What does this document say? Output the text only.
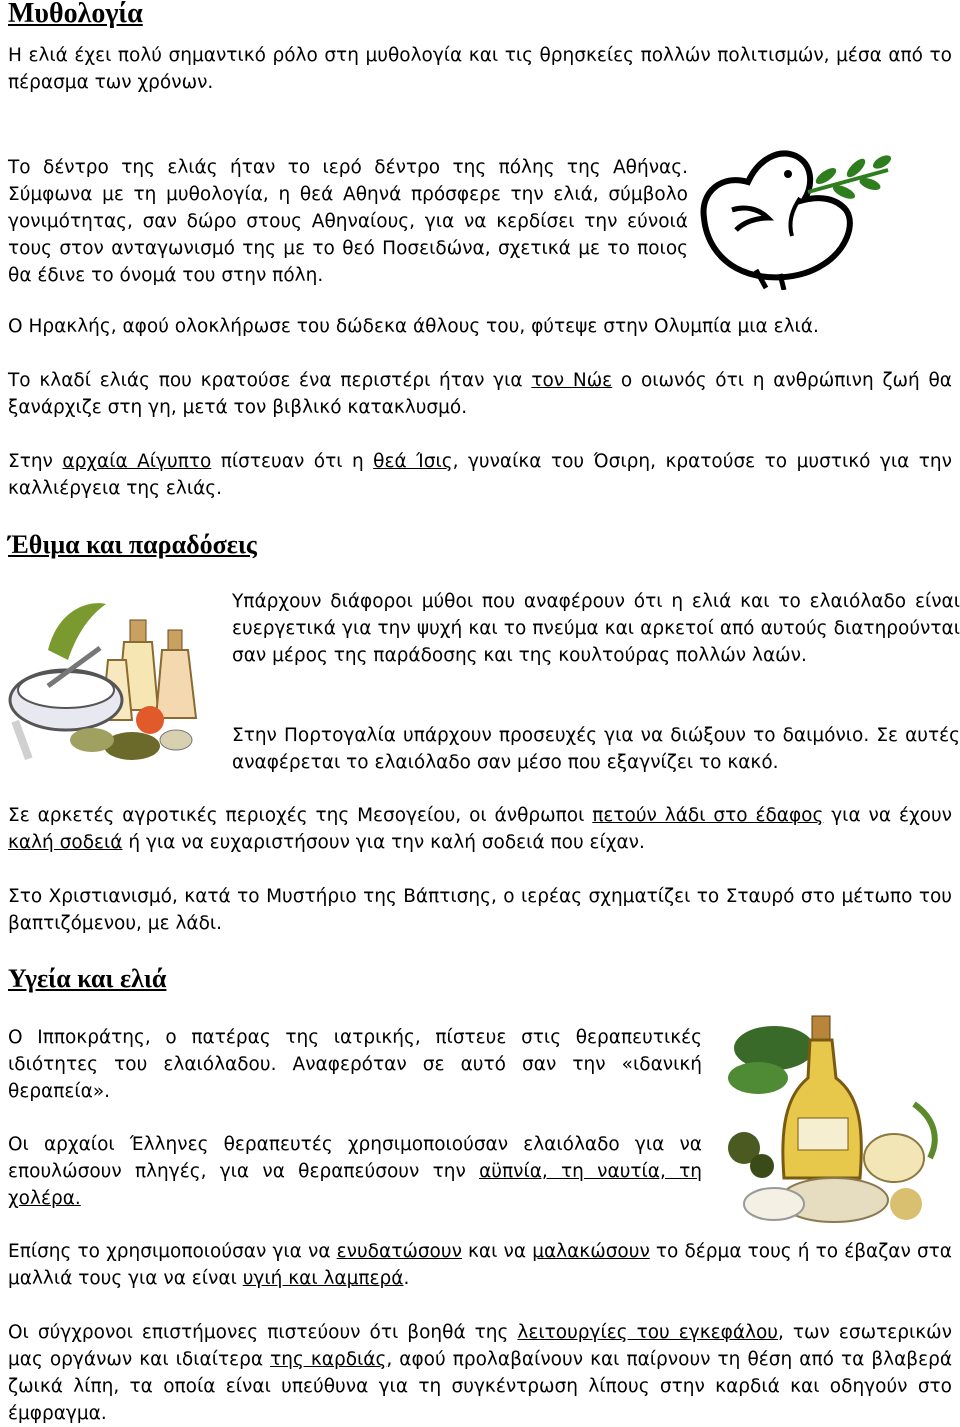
Μυθολογία

Η ελιά έχει πολύ σημαντικό ρόλο στη μυθολογία και τις θρησκείες πολλών πολιτισμών, μέσα από το πέρασμα των χρόνων.

Το δέντρο της ελιάς ήταν το ιερό δέντρο της πόλης της Αθήνας. Σύμφωνα με τη μυθολογία, η θεά Αθηνά πρόσφερε την ελιά, σύμβολο γονιμότητας, σαν δώρο στους Αθηναίους, για να κερδίσει την εύνοιά τους στον ανταγωνισμό της με το θεό Ποσειδώνα, σχετικά με το ποιος θα έδινε το όνομά του στην πόλη.

Ο Ηρακλής, αφού ολοκλήρωσε του δώδεκα άθλους του, φύτεψε στην Ολυμπία μια ελιά.

Το κλαδί ελιάς που κρατούσε ένα περιστέρι ήταν για τον Νώε ο οιωνός ότι η ανθρώπινη ζωή θα ξανάρχιζε στη γη, μετά τον βιβλικό κατακλυσμό.

Στην αρχαία Αίγυπτο πίστευαν ότι η θεά Ίσις, γυναίκα του Όσιρη, κρατούσε το μυστικό για την καλλιέργεια της ελιάς.

Έθιμα και παραδόσεις

Υπάρχουν διάφοροι μύθοι που αναφέρουν ότι η ελιά και το ελαιόλαδο είναι ευεργετικά για την ψυχή και το πνεύμα και αρκετοί από αυτούς διατηρούνται σαν μέρος της παράδοσης και της κουλτούρας πολλών λαών.

Στην Πορτογαλία υπάρχουν προσευχές για να διώξουν το δαιμόνιο. Σε αυτές αναφέρεται το ελαιόλαδο σαν μέσο που εξαγνίζει το κακό.

Σε αρκετές αγροτικές περιοχές της Μεσογείου, οι άνθρωποι πετούν λάδι στο έδαφος για να έχουν καλή σοδειά ή για να ευχαριστήσουν για την καλή σοδειά που είχαν.

Στο Χριστιανισμό, κατά το Μυστήριο της Βάπτισης, ο ιερέας σχηματίζει το Σταυρό στο μέτωπο του βαπτιζόμενου, με λάδι.

Υγεία και ελιά

Ο Ιπποκράτης, ο πατέρας της ιατρικής, πίστευε στις θεραπευτικές ιδιότητες του ελαιόλαδου. Αναφερόταν σε αυτό σαν την «ιδανική θεραπεία».

Οι αρχαίοι Έλληνες θεραπευτές χρησιμοποιούσαν ελαιόλαδο για να επουλώσουν πληγές, για να θεραπεύσουν την αϋπνία, τη ναυτία, τη χολέρα.

Επίσης το χρησιμοποιούσαν για να ενυδατώσουν και να μαλακώσουν το δέρμα τους ή το έβαζαν στα μαλλιά τους για να είναι υγιή και λαμπερά.

Οι σύγχρονοι επιστήμονες πιστεύουν ότι βοηθά της λειτουργίες του εγκεφάλου, των εσωτερικών μας οργάνων και ιδιαίτερα της καρδιάς, αφού προλαβαίνουν και παίρνουν τη θέση από τα βλαβερά ζωικά λίπη, τα οποία είναι υπεύθυνα για τη συγκέντρωση λίπους στην καρδιά και οδηγούν στο έμφραγμα.
